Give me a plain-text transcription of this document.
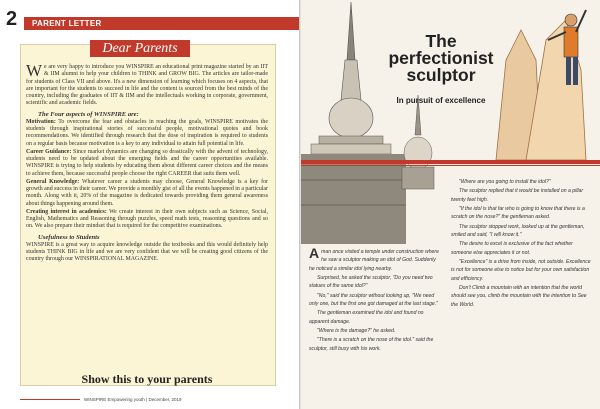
2 PARENT LETTER
Dear Parents

We are very happy to introduce you WINSPIRE an educational print magazine started by an IIT & IIM alumni to help your children to THINK and GROW BIG. The articles are tailor-made for students of Class VII and above. It's a new dimension of learning which focuses on 4 aspects, that are important for the students to succeed in life and the content is sourced from the best minds of the country, including the graduates of IIT & IIM and the intellectuals working in corporate, government, scientific and academic fields.

The Four aspects of WINSPIRE are:

Motivation: To overcome the fear and obstacles in reaching the goals, WINSPIRE motivates the students through inspirational stories of successful people, motivational quotes and book recommendations. We identified through research that the dose of inspiration is required to students on a regular basis because motivation is a key to any individual to attain full potential in life.

Career Guidance: Since market dynamics are changing so drastically with the advent of technology, students need to be updated about the emerging fields and the career opportunities available. WINSPIRE is trying to help students by educating them about different career choices and the means to achieve them, because successful people choose the right CAREER that suits them well.

General Knowledge: Whatever career a students may choose, General Knowledge is a key for growth and success in their career. We provide a monthly gist of all the events happened in a particular month. Along with it, 20% of the magazine is dedicated towards providing them general awareness about things happening around them.

Creating interest in academics: We create interest in their own subjects such as Science, Social, English, Mathematics and Reasoning through puzzles, speed math tests, reasoning questions and so on. We also prepare their mindset that is required for the competitive examinations.

Usefulness to Students

WINSPIRE is a great way to acquire knowledge outside the textbooks and this would definitely help students THINK BIG in life and we are very confident that we will be creating good citizens of the country through our WINSPIRATIONAL MAGAZINE.

Show this to your parents
WINSPIRE Empowering youth | December, 2019
The perfectionist sculptor
In pursuit of excellence

Aman once visited a temple under construction where he saw a sculptor making an idol of God. Suddenly he noticed a similar idol lying nearby.

Surprised, he asked the sculptor, "Do you need two statues of the same idol?"

"No," said the sculptor without looking up, "We need only one, but the first one got damaged at the last stage."

The gentleman examined the idol and found no apparent damage.

"Where is the damage?" he asked.

"There is a scratch on the nose of the idol." said the sculptor, still busy with his work.

"Where are you going to install the idol?"

The sculptor replied that it would be installed on a pillar twenty feet high.

"If the idol is that far who is going to know that there is a scratch on the nose?" the gentleman asked.

The sculptor stopped work, looked up at the gentleman, smiled and said, "I will know it."

The desire to excel is exclusive of the fact whether someone else appreciates it or not.

"Excellence" is a drive from inside, not outside. Excellence is not for someone else to notice but for your own satisfaction and efficiency.

Don't Climb a mountain with an intention that the world should see you, climb the mountain with the intention to See the World.
